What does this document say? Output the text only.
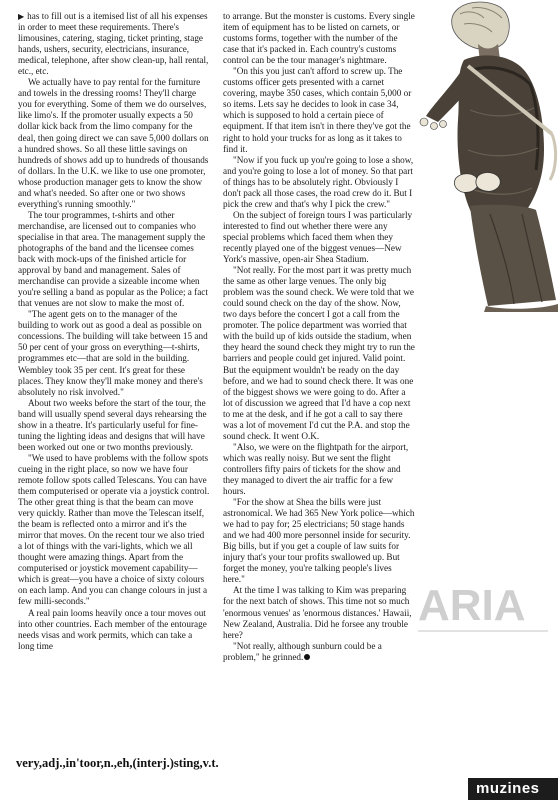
▶ has to fill out is a itemised list of all his expenses in order to meet these requirements. There's limousines, catering, staging, ticket printing, stage hands, ushers, security, electricians, insurance, medical, telephone, after show clean-up, hall rental, etc., etc.

We actually have to pay rental for the furniture and towels in the dressing rooms! They'll charge you for everything. Some of them we do ourselves, like limo's. If the promoter usually expects a 50 dollar kick back from the limo company for the deal, then going direct we can save 5,000 dollars on a hundred shows. So all these little savings on hundreds of shows add up to hundreds of thousands of dollars. In the U.K. we like to use one promoter, whose production manager gets to know the show and what's needed. So after one or two shows everything's running smoothly."

The tour programmes, t-shirts and other merchandise, are licensed out to companies who specialise in that area. The management supply the photographs of the band and the licensee comes back with mock-ups of the finished article for approval by band and management. Sales of merchandise can provide a sizeable income when you're selling a band as popular as the Police; a fact that venues are not slow to make the most of.

"The agent gets on to the manager of the building to work out as good a deal as possible on concessions. The building will take between 15 and 50 per cent of your gross on everything—t-shirts, programmes etc—that are sold in the building. Wembley took 35 per cent. It's great for these places. They know they'll make money and there's absolutely no risk involved."

About two weeks before the start of the tour, the band will usually spend several days rehearsing the show in a theatre. It's particularly useful for fine-tuning the lighting ideas and designs that will have been worked out one or two months previously.

"We used to have problems with the follow spots cueing in the right place, so now we have four remote follow spots called Telescans. You can have them computerised or operate via a joystick control. The other great thing is that the beam can move very quickly. Rather than move the Telescan itself, the beam is reflected onto a mirror and it's the mirror that moves. On the recent tour we also tried a lot of things with the vari-lights, which we all thought were amazing things. Apart from the computerised or joystick movement capability—which is great—you have a choice of sixty colours on each lamp. And you can change colours in just a few milli-seconds."

A real pain looms heavily once a tour moves out into other countries. Each member of the entourage needs visas and work permits, which can take a long time

to arrange. But the monster is customs. Every single item of equipment has to be listed on carnets, or customs forms, together with the number of the case that it's packed in. Each country's customs control can be the tour manager's nightmare.

"On this you just can't afford to screw up. The customs officer gets presented with a carnet covering, maybe 350 cases, which contain 5,000 or so items. Lets say he decides to look in case 34, which is supposed to hold a certain piece of equipment. If that item isn't in there they've got the right to hold your trucks for as long as it takes to find it.

"Now if you fuck up you're going to lose a show, and you're going to lose a lot of money. So that part of things has to be absolutely right. Obviously I don't pack all those cases, the road crew do it. But I pick the crew and that's why I pick the crew."

On the subject of foreign tours I was particularly interested to find out whether there were any special problems which faced them when they recently played one of the biggest venues—New York's massive, open-air Shea Stadium.

"Not really. For the most part it was pretty much the same as other large venues. The only big problem was the sound check. We were told that we could sound check on the day of the show. Now, two days before the concert I got a call from the promoter. The police department was worried that with the build up of kids outside the stadium, when they heard the sound check they might try to run the barriers and people could get injured. Valid point. But the equipment wouldn't be ready on the day before, and we had to sound check there. It was one of the biggest shows we were going to do. After a lot of discussion we agreed that I'd have a cop next to me at the desk, and if he got a call to say there was a lot of movement I'd cut the P.A. and stop the sound check. It went O.K.

"Also, we were on the flightpath for the airport, which was really noisy. But we sent the flight controllers fifty pairs of tickets for the show and they managed to divert the air traffic for a few hours.

"For the show at Shea the bills were just astronomical. We had 365 New York police—which we had to pay for; 25 electricians; 50 stage hands and we had 400 more personnel inside for security. Big bills, but if you get a couple of law suits for injury that's your tour profits swallowed up. But forget the money, you're talking people's lives here."

At the time I was talking to Kim was preparing for the next batch of shows. This time not so much 'enormous venues' as 'enormous distances.' Hawaii, New Zealand, Australia. Did he forsee any trouble here?

"Not really, although sunburn could be a problem," he grinned.

ARIA
very,adj.,in'toor,n.,eh,(interj.)sting,v.t.
muzines
